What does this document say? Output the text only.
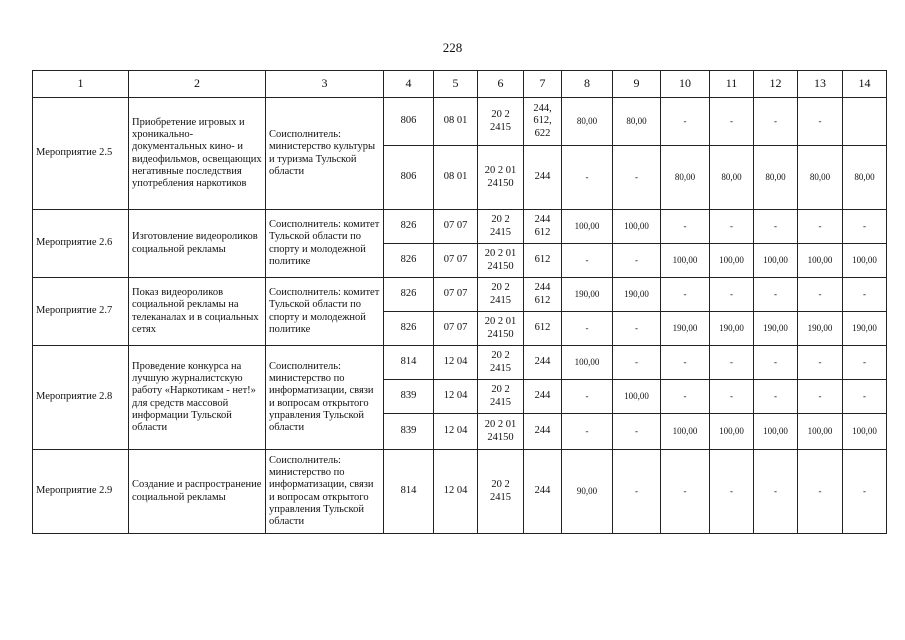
228
1	2	3	4	5	6	7	8	9	10	11	12	13	14
Мероприятие 2.5	Приобретение игровых и хроникально-документальных кино- и видеофильмов, освещающих негативные последствия употребления наркотиков	Соисполнитель: министерство культуры и туризма Тульской области	806	08 01	20 2 2415	244, 612, 622	80,00	80,00	-	-	-	-	
			806	08 01	20 2 01 24150	244	-	-	80,00	80,00	80,00	80,00	80,00
Мероприятие 2.6	Изготовление видеороликов социальной рекламы	Соисполнитель: комитет Тульской области по спорту и молодежной политике	826	07 07	20 2 2415	244 612	100,00	100,00	-	-	-	-	-
			826	07 07	20 2 01 24150	612	-	-	100,00	100,00	100,00	100,00	100,00
Мероприятие 2.7	Показ видеороликов социальной рекламы на телеканалах и в социальных сетях	Соисполнитель: комитет Тульской области по спорту и молодежной политике	826	07 07	20 2 2415	244 612	190,00	190,00	-	-	-	-	-
			826	07 07	20 2 01 24150	612	-	-	190,00	190,00	190,00	190,00	190,00
Мероприятие 2.8	Проведение конкурса на лучшую журналистскую работу «Наркотикам - нет!» для средств массовой информации Тульской области	Соисполнитель: министерство по информатизации, связи и вопросам открытого управления Тульской области	814	12 04	20 2 2415	244	100,00	-	-	-	-	-	-
			839	12 04	20 2 2415	244	-	100,00	-	-	-	-	-
			839	12 04	20 2 01 24150	244	-	-	100,00	100,00	100,00	100,00	100,00
Мероприятие 2.9	Создание и распространение социальной рекламы	Соисполнитель: министерство по информатизации, связи и вопросам открытого управления Тульской области	814	12 04	20 2 2415	244	90,00	-	-	-	-	-	-
